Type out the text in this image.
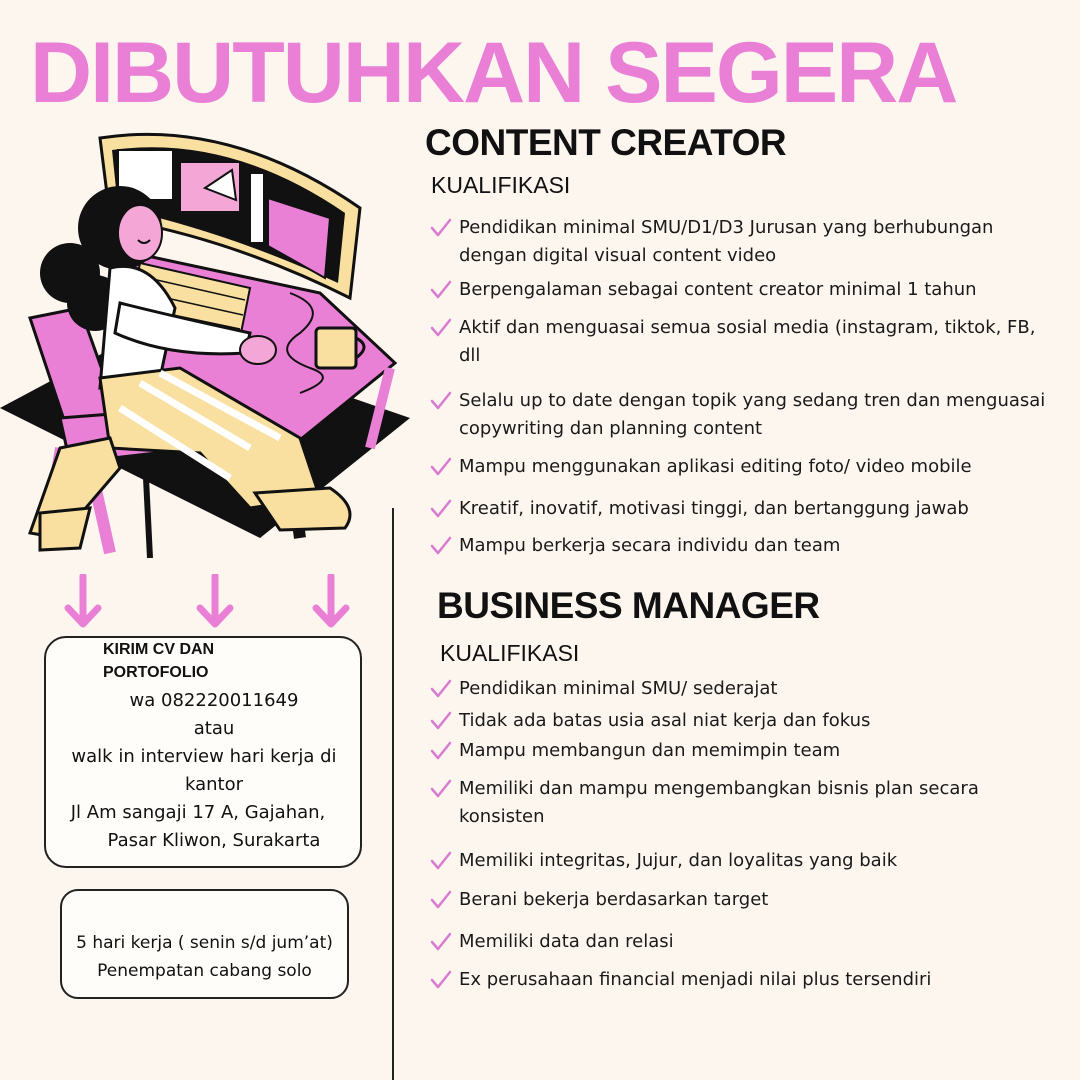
DIBUTUHKAN SEGERA
KIRIM CV DAN
PORTOFOLIO
wa 082220011649
atau
walk in interview hari kerja di
kantor
Jl Am sangaji 17 A, Gajahan,
Pasar Kliwon, Surakarta
5 hari kerja ( senin s/d jum’at)
Penempatan cabang solo
CONTENT CREATOR
KUALIFIKASI
Pendidikan minimal SMU/D1/D3 Jurusan yang berhubungan dengan digital visual content video
Berpengalaman sebagai content creator minimal 1 tahun
Aktif dan menguasai semua sosial media (instagram, tiktok, FB, dll
Selalu up to date dengan topik yang sedang tren dan menguasai copywriting dan planning content
Mampu menggunakan aplikasi editing foto/ video mobile
Kreatif, inovatif, motivasi tinggi, dan bertanggung jawab
Mampu berkerja secara individu dan team
BUSINESS MANAGER
KUALIFIKASI
Pendidikan minimal SMU/ sederajat
Tidak ada batas usia asal niat kerja dan fokus
Mampu membangun dan memimpin team
Memiliki dan mampu mengembangkan bisnis plan secara konsisten
Memiliki integritas, Jujur, dan loyalitas yang baik
Berani bekerja berdasarkan target
Memiliki data dan relasi
Ex perusahaan financial menjadi nilai plus tersendiri
